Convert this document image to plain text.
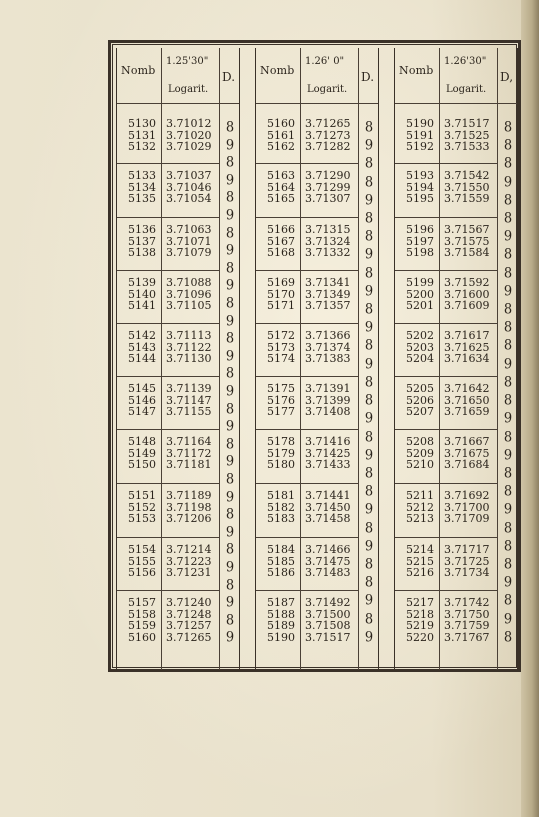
Nomb
1.25'30"
Logarit.
D.
5130 3.71012
5131 3.71020
5132 3.71029
5133 3.71037
5134 3.71046
5135 3.71054
5136 3.71063
5137 3.71071
5138 3.71079
5139 3.71088
5140 3.71096
5141 3.71105
5142 3.71113
5143 3.71122
5144 3.71130
5145 3.71139
5146 3.71147
5147 3.71155
5148 3.71164
5149 3.71172
5150 3.71181
5151 3.71189
5152 3.71198
5153 3.71206
5154 3.71214
5155 3.71223
5156 3.71231
5157 3.71240
5158 3.71248
5159 3.71257
5160 3.71265
8
9
8
9
8
9
8
9
8
9
8
9
8
9
8
9
8
9
8
9
8
9
8
9
8
9
8
9
8
9
Nomb
1.26' 0"
Logarit.
D.
5160 3.71265
5161 3.71273
5162 3.71282
5163 3.71290
5164 3.71299
5165 3.71307
5166 3.71315
5167 3.71324
5168 3.71332
5169 3.71341
5170 3.71349
5171 3.71357
5172 3.71366
5173 3.71374
5174 3.71383
5175 3.71391
5176 3.71399
5177 3.71408
5178 3.71416
5179 3.71425
5180 3.71433
5181 3.71441
5182 3.71450
5183 3.71458
5184 3.71466
5185 3.71475
5186 3.71483
5187 3.71492
5188 3.71500
5189 3.71508
5190 3.71517
8
9
8
8
9
8
8
9
8
9
8
9
8
9
8
8
9
8
9
8
8
9
8
9
8
8
9
8
9
Nomb
1.26'30"
Logarit.
D,
5190 3.71517
5191 3.71525
5192 3.71533
5193 3.71542
5194 3.71550
5195 3.71559
5196 3.71567
5197 3.71575
5198 3.71584
5199 3.71592
5200 3.71600
5201 3.71609
5202 3.71617
5203 3.71625
5204 3.71634
5205 3.71642
5206 3.71650
5207 3.71659
5208 3.71667
5209 3.71675
5210 3.71684
5211 3.71692
5212 3.71700
5213 3.71709
5214 3.71717
5215 3.71725
5216 3.71734
5217 3.71742
5218 3.71750
5219 3.71759
5220 3.71767
8
8
8
9
8
8
9
8
8
9
8
8
8
9
8
8
9
8
9
8
8
9
8
8
8
9
8
9
8
